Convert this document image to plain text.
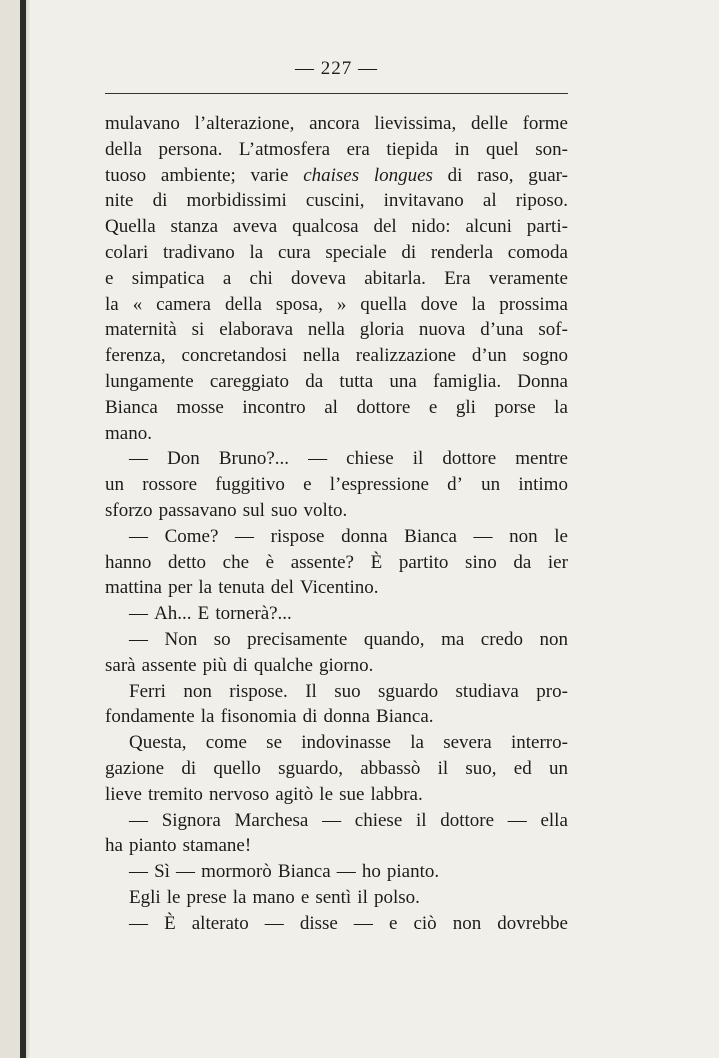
— 227 —
mulavano l’alterazione, ancora lievissima, delle forme
della persona. L’atmosfera era tiepida in quel son-
tuoso ambiente; varie chaises longues di raso, guar-
nite di morbidissimi cuscini, invitavano al riposo.
Quella stanza aveva qualcosa del nido: alcuni parti-
colari tradivano la cura speciale di renderla comoda
e simpatica a chi doveva abitarla. Era veramente
la « camera della sposa, » quella dove la prossima
maternità si elaborava nella gloria nuova d’una sof-
ferenza, concretandosi nella realizzazione d’un sogno
lungamente careggiato da tutta una famiglia. Donna
Bianca mosse incontro al dottore e gli porse la
mano.
— Don Bruno?... — chiese il dottore mentre
un rossore fuggitivo e l’espressione d’ un intimo
sforzo passavano sul suo volto.
— Come? — rispose donna Bianca — non le
hanno detto che è assente? È partito sino da ier
mattina per la tenuta del Vicentino.
— Ah... E tornerà?...
— Non so precisamente quando, ma credo non
sarà assente più di qualche giorno.
Ferri non rispose. Il suo sguardo studiava pro-
fondamente la fisonomia di donna Bianca.
Questa, come se indovinasse la severa interro-
gazione di quello sguardo, abbassò il suo, ed un
lieve tremito nervoso agitò le sue labbra.
— Signora Marchesa — chiese il dottore — ella
ha pianto stamane!
— Sì — mormorò Bianca — ho pianto.
Egli le prese la mano e sentì il polso.
— È alterato — disse — e ciò non dovrebbe
